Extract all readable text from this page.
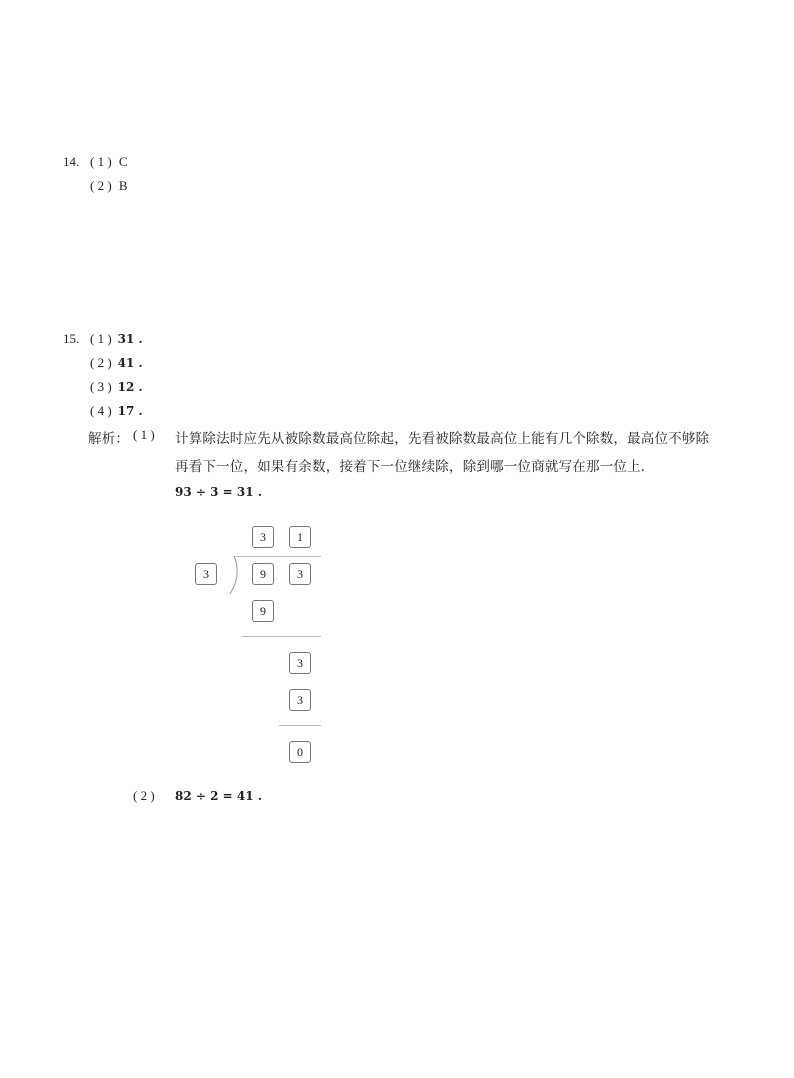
14. ( 1 ) C
( 2 ) B
15. ( 1 ) 31 .
( 2 ) 41 .
( 3 ) 12 .
( 4 ) 17 .
解析： ( 1 ) 计算除法时应先从被除数最高位除起，先看被除数最高位上能有几个除数，最高位不够除
再看下一位，如果有余数，接着下一位继续除，除到哪一位商就写在那一位上．
93 ÷ 3 = 31 .
3	1
3	9	3
9
3
3
0
( 2 ) 82 ÷ 2 = 41 .
